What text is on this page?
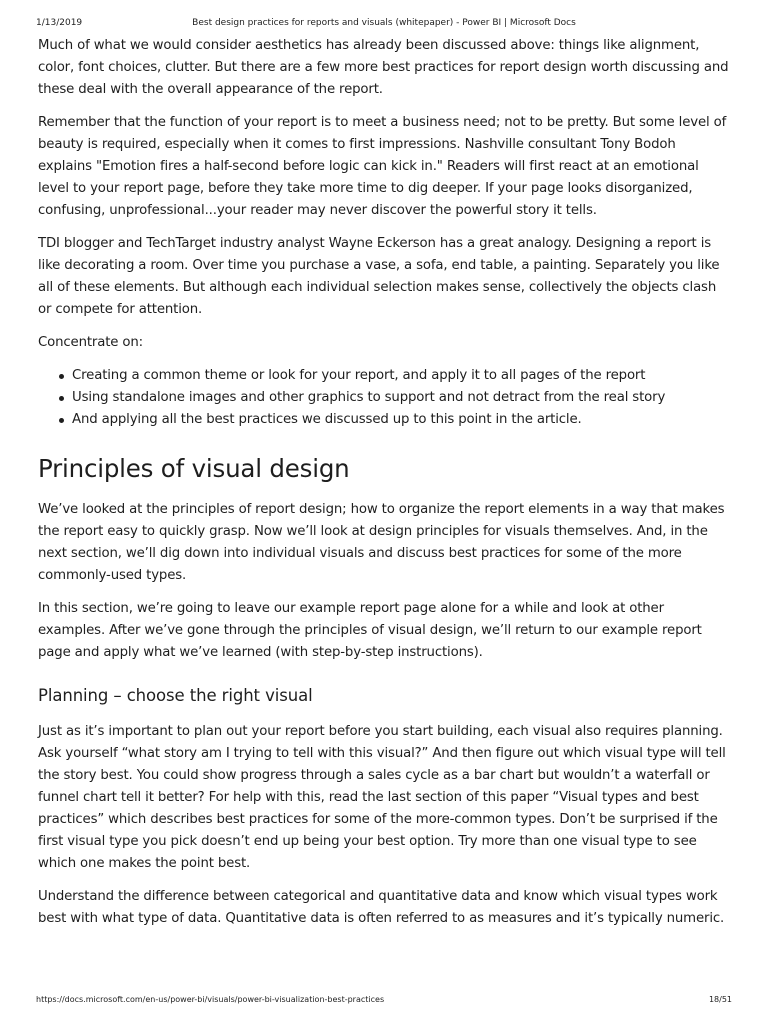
1/13/2019	Best design practices for reports and visuals (whitepaper) - Power BI | Microsoft Docs

Much of what we would consider aesthetics has already been discussed above: things like alignment, color, font choices, clutter. But there are a few more best practices for report design worth discussing and these deal with the overall appearance of the report.

Remember that the function of your report is to meet a business need; not to be pretty. But some level of beauty is required, especially when it comes to first impressions. Nashville consultant Tony Bodoh explains "Emotion fires a half-second before logic can kick in." Readers will first react at an emotional level to your report page, before they take more time to dig deeper. If your page looks disorganized, confusing, unprofessional...your reader may never discover the powerful story it tells.

TDI blogger and TechTarget industry analyst Wayne Eckerson has a great analogy. Designing a report is like decorating a room. Over time you purchase a vase, a sofa, end table, a painting. Separately you like all of these elements. But although each individual selection makes sense, collectively the objects clash or compete for attention.

Concentrate on:

Creating a common theme or look for your report, and apply it to all pages of the report
Using standalone images and other graphics to support and not detract from the real story
And applying all the best practices we discussed up to this point in the article.
Principles of visual design

We’ve looked at the principles of report design; how to organize the report elements in a way that makes the report easy to quickly grasp. Now we’ll look at design principles for visuals themselves. And, in the next section, we’ll dig down into individual visuals and discuss best practices for some of the more commonly-used types.

In this section, we’re going to leave our example report page alone for a while and look at other examples. After we’ve gone through the principles of visual design, we’ll return to our example report page and apply what we’ve learned (with step-by-step instructions).

Planning – choose the right visual

Just as it’s important to plan out your report before you start building, each visual also requires planning. Ask yourself “what story am I trying to tell with this visual?” And then figure out which visual type will tell the story best. You could show progress through a sales cycle as a bar chart but wouldn’t a waterfall or funnel chart tell it better? For help with this, read the last section of this paper “Visual types and best practices” which describes best practices for some of the more-common types. Don’t be surprised if the first visual type you pick doesn’t end up being your best option. Try more than one visual type to see which one makes the point best.

Understand the difference between categorical and quantitative data and know which visual types work best with what type of data. Quantitative data is often referred to as measures and it’s typically numeric.

https://docs.microsoft.com/en-us/power-bi/visuals/power-bi-visualization-best-practices	18/51
